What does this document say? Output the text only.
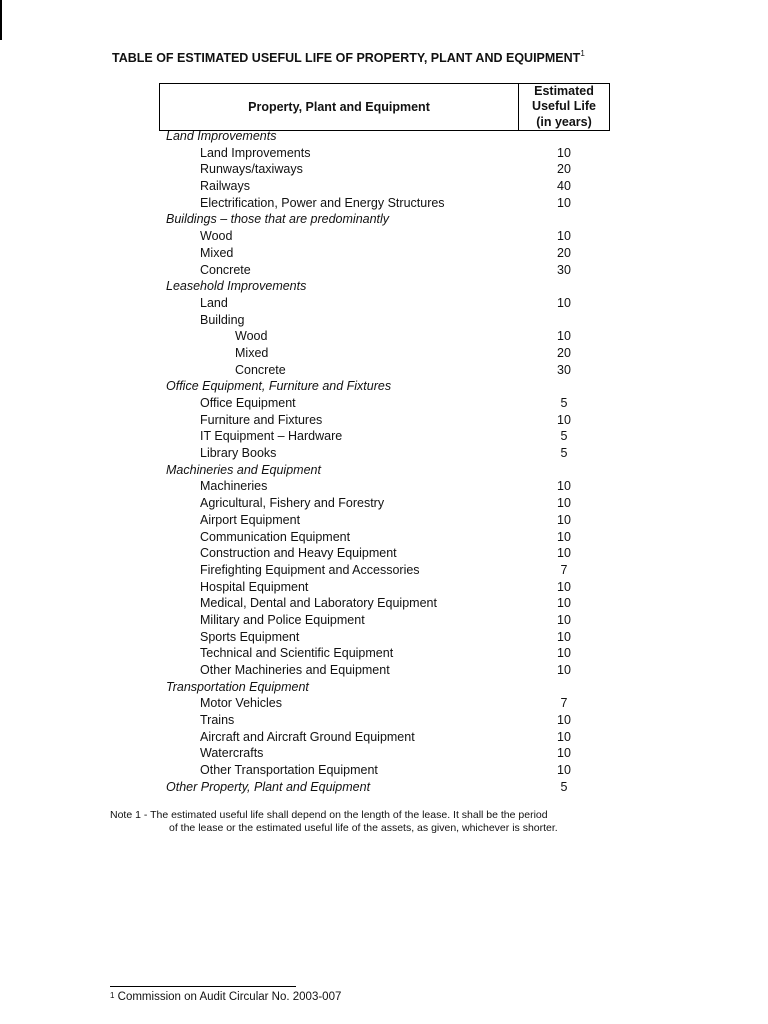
TABLE OF ESTIMATED USEFUL LIFE OF PROPERTY, PLANT AND EQUIPMENT$^1$
Property, Plant and Equipment
Estimated
Useful Life
(in years)
Land Improvements
Land Improvements	10
Runways/taxiways	20
Railways	40
Electrification, Power and Energy Structures	10
Buildings – those that are predominantly
Wood	10
Mixed	20
Concrete	30
Leasehold Improvements
Land	10
Building
Wood	10
Mixed	20
Concrete	30
Office Equipment, Furniture and Fixtures
Office Equipment	5
Furniture and Fixtures	10
IT Equipment – Hardware	5
Library Books	5
Machineries and Equipment
Machineries	10
Agricultural, Fishery and Forestry	10
Airport Equipment	10
Communication Equipment	10
Construction and Heavy Equipment	10
Firefighting Equipment and Accessories	7
Hospital Equipment	10
Medical, Dental and Laboratory Equipment	10
Military and Police Equipment	10
Sports Equipment	10
Technical and Scientific Equipment	10
Other Machineries and Equipment	10
Transportation Equipment
Motor Vehicles	7
Trains	10
Aircraft and Aircraft Ground Equipment	10
Watercrafts	10
Other Transportation Equipment	10
Other Property, Plant and Equipment	5
Note 1 - The estimated useful life shall depend on the length of the lease. It shall be the period
of the lease or the estimated useful life of the assets, as given, whichever is shorter.
$^1$ Commission on Audit Circular No. 2003-007
